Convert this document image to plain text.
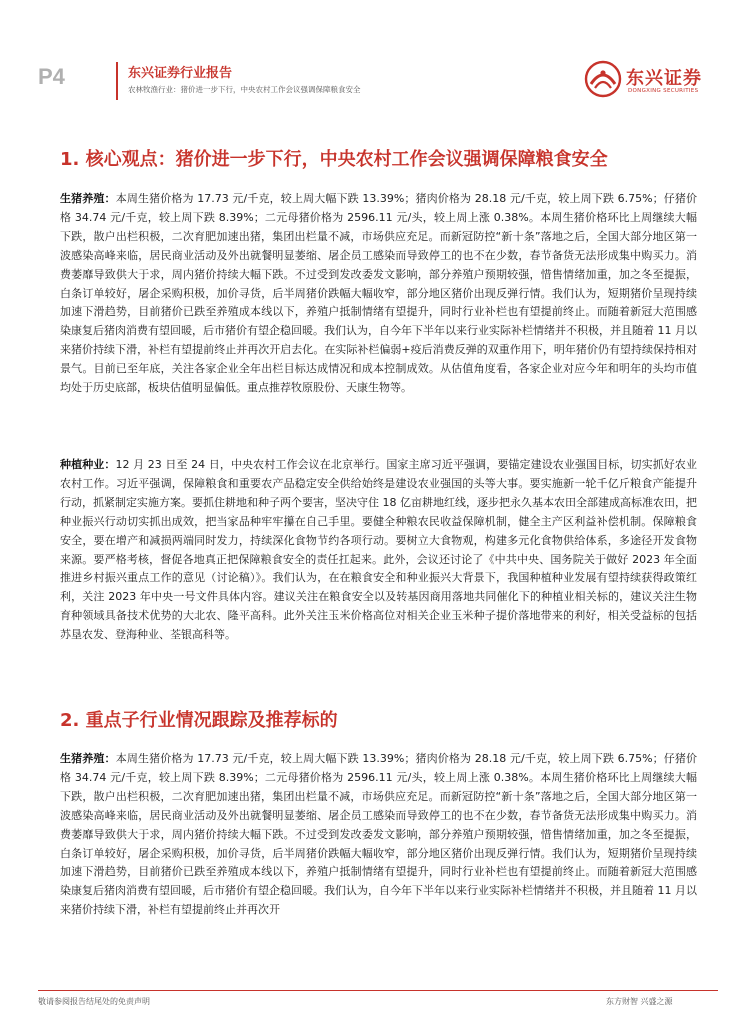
P4	东兴证券行业报告
农林牧渔行业：猪价进一步下行，中央农村工作会议强调保障粮食安全
东兴证券
DONGXING SECURITIES
1. 核心观点：猪价进一步下行，中央农村工作会议强调保障粮食安全
生猪养殖：本周生猪价格为 17.73 元/千克，较上周大幅下跌 13.39%；猪肉价格为 28.18 元/千克，较上周下跌 6.75%；仔猪价格 34.74 元/千克，较上周下跌 8.39%；二元母猪价格为 2596.11 元/头，较上周上涨 0.38%。本周生猪价格环比上周继续大幅下跌，散户出栏积极，二次育肥加速出猪，集团出栏量不减，市场供应充足。而新冠防控“新十条”落地之后，全国大部分地区第一波感染高峰来临，居民商业活动及外出就餐明显萎缩、屠企员工感染而导致停工的也不在少数，春节备货无法形成集中购买力。消费萎靡导致供大于求，周内猪价持续大幅下跌。不过受到发改委发文影响，部分养殖户预期较强，惜售情绪加重，加之冬至提振，白条订单较好，屠企采购积极，加价寻货，后半周猪价跌幅大幅收窄，部分地区猪价出现反弹行情。我们认为，短期猪价呈现持续加速下滑趋势，目前猪价已跌至养殖成本线以下，养殖户抵制情绪有望提升，同时行业补栏也有望提前终止。而随着新冠大范围感染康复后猪肉消费有望回暖，后市猪价有望企稳回暖。我们认为，自今年下半年以来行业实际补栏情绪并不积极，并且随着 11 月以来猪价持续下滑，补栏有望提前终止并再次开启去化。在实际补栏偏弱+疫后消费反弹的双重作用下，明年猪价仍有望持续保持相对景气。目前已至年底，关注各家企业全年出栏目标达成情况和成本控制成效。从估值角度看，各家企业对应今年和明年的头均市值均处于历史底部，板块估值明显偏低。重点推荐牧原股份、天康生物等。
种植种业：12 月 23 日至 24 日，中央农村工作会议在北京举行。国家主席习近平强调，要锚定建设农业强国目标，切实抓好农业农村工作。习近平强调，保障粮食和重要农产品稳定安全供给始终是建设农业强国的头等大事。要实施新一轮千亿斤粮食产能提升行动，抓紧制定实施方案。要抓住耕地和种子两个要害，坚决守住 18 亿亩耕地红线，逐步把永久基本农田全部建成高标准农田，把种业振兴行动切实抓出成效，把当家品种牢牢攥在自己手里。要健全种粮农民收益保障机制，健全主产区利益补偿机制。保障粮食安全，要在增产和减损两端同时发力，持续深化食物节约各项行动。要树立大食物观，构建多元化食物供给体系，多途径开发食物来源。要严格考核，督促各地真正把保障粮食安全的责任扛起来。此外，会议还讨论了《中共中央、国务院关于做好 2023 年全面推进乡村振兴重点工作的意见（讨论稿）》。我们认为，在在粮食安全和种业振兴大背景下，我国种植种业发展有望持续获得政策红利，关注 2023 年中央一号文件具体内容。建议关注在粮食安全以及转基因商用落地共同催化下的种植业相关标的，建议关注生物育种领域具备技术优势的大北农、隆平高科。此外关注玉米价格高位对相关企业玉米种子提价落地带来的利好，相关受益标的包括苏垦农发、登海种业、荃银高科等。
2. 重点子行业情况跟踪及推荐标的
生猪养殖：本周生猪价格为 17.73 元/千克，较上周大幅下跌 13.39%；猪肉价格为 28.18 元/千克，较上周下跌 6.75%；仔猪价格 34.74 元/千克，较上周下跌 8.39%；二元母猪价格为 2596.11 元/头，较上周上涨 0.38%。本周生猪价格环比上周继续大幅下跌，散户出栏积极，二次育肥加速出猪，集团出栏量不减，市场供应充足。而新冠防控“新十条”落地之后，全国大部分地区第一波感染高峰来临，居民商业活动及外出就餐明显萎缩、屠企员工感染而导致停工的也不在少数，春节备货无法形成集中购买力。消费萎靡导致供大于求，周内猪价持续大幅下跌。不过受到发改委发文影响，部分养殖户预期较强，惜售情绪加重，加之冬至提振，白条订单较好，屠企采购积极，加价寻货，后半周猪价跌幅大幅收窄，部分地区猪价出现反弹行情。我们认为，短期猪价呈现持续加速下滑趋势，目前猪价已跌至养殖成本线以下，养殖户抵制情绪有望提升，同时行业补栏也有望提前终止。而随着新冠大范围感染康复后猪肉消费有望回暖，后市猪价有望企稳回暖。我们认为，自今年下半年以来行业实际补栏情绪并不积极，并且随着 11 月以来猪价持续下滑，补栏有望提前终止并再次开
敬请参阅报告结尾处的免责声明	东方财智 兴盛之源
